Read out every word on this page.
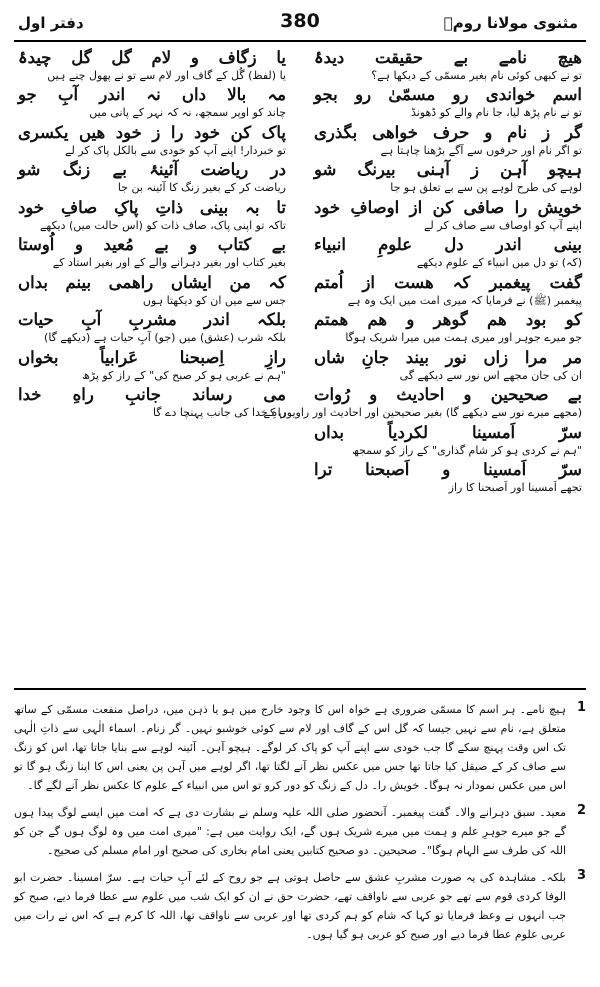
مثنوی مولانا رومؒ
380
دفتر اول
هیچ نامے بے حقیقت دیدۂ
تو نے کبھی کوئی نام بغیر مسمّی کے دیکھا ہے؟
اسم خواندی رو مسمّیٰ رو بجو
تو نے نام پڑھ لیا، جا نام والے کو ڈھونڈ
گر ز نام و حرف خواهی بگذری
تو اگر نام اور حرفوں سے آگے بڑھنا چاہتا ہے
ہیچو آہن ز آہنی بیرنگ شو
لوہے کی طرح لوہے پن سے بے تعلق ہو جا
خویش را صافی کن از اوصافِ خود
اپنے آپ کو اوصاف سے صاف کر لے
بینی اندر دل علومِ انبیاء
(کہ) تو دل میں انبیاء کے علوم دیکھے
گفت پیغمبر کہ هست از اُمتم
پیغمبر (ﷺ) نے فرمایا کہ میری امت میں ایک وہ ہے
کو بود هم گوهر و هم همتم
جو میرے جوہر اور میری ہمت میں میرا شریک ہوگا
مر مرا زاں نور بیند جانِ شاں
ان کی جان مجھے اس نور سے دیکھے گی
بے صحیحین و احادیث و رُوات
(مجھے میرے نور سے دیکھے گا) بغیر صحیحین اور احادیث اور راویوں کے
سرّ اَمسینا لکردیاً بداں
"ہم نے کردی ہو کر شام گذاری" کے راز کو سمجھ
سرّ اَمسینا و اَصبحنا ترا
تجھے اَمسینا اور اَصبحنا کا راز
یا زگاف و لام گل گل چیدۂ
یا (لفظ) گُل کے گاف اور لام سے تو نے پھول چنے ہیں
مہ بالا داں نہ اندر آبِ جو
چاند کو اوپر سمجھ، نہ کہ نہر کے پانی میں
پاک کن خود را ز خود هیں یکسری
تو خبردار! اپنے آپ کو خودی سے بالکل پاک کر لے
در ریاضت آئینۂ بے زنگ شو
ریاضت کر کے بغیر زنگ کا آئینہ بن جا
تا بہ بینی ذاتِ پاکِ صافِ خود
تاکہ تو اپنی پاک، صاف ذات کو (اس حالت میں) دیکھے
بے کتاب و بے مُعید و اُوستا
بغیر کتاب اور بغیر دہرانے والے کے اور بغیر استاد کے
کہ من ایشاں راهمی بینم بداں
جس سے میں ان کو دیکھتا ہوں
بلکہ اندر مشربِ آبِ حیات
بلکہ شرب (عشق) میں (جو) آبِ حیات ہے (دیکھے گا)
رازِ اِصبحنا عَرابیاً بخواں
"ہم نے عربی ہو کر صبح کی" کے راز کو پڑھ
می رساند جانبِ راهِ خدا
راہِ خدا کی جانب پہنچا دے گا
1
ہیچ نامے۔ ہر اسم کا مسمّی ضروری ہے خواہ اس کا وجود خارج میں ہو یا ذہن میں، دراصل منفعت مسمّی کے ساتھ متعلق ہے، نام سے نہیں جیسا کہ گل اس کے گاف اور لام سے کوئی خوشبو نہیں۔ گر زنام۔ اسماء الٰہی سے ذاتِ الٰہی تک اس وقت پہنچ سکے گا جب خودی سے اپنے آپ کو پاک کر لوگے۔ ہیچو آہن۔ آئینہ لوہے سے بنایا جاتا تھا، اس کو زنگ سے صاف کر کے صیقل کیا جاتا تھا جس میں عکس نظر آنے لگتا تھا، اگر لوہے میں آہن پن یعنی اس کا اپنا زنگ ہو گا تو اس میں عکس نمودار نہ ہوگا۔ خویش را۔ دل کے زنگ کو دور کرو تو اس میں انبیاء کے علوم کا عکس نظر آنے لگے گا۔
2
معید۔ سبق دہرانے والا۔ گفت پیغمبر۔ آنحضور صلی اللہ علیہ وسلم نے بشارت دی ہے کہ امت میں ایسے لوگ پیدا ہوں گے جو میرے جوہرِ علم و ہمت میں میرے شریک ہوں گے، ایک روایت میں ہے: "میری امت میں وہ لوگ ہوں گے جن کو اللہ کی طرف سے الہام ہوگا"۔ صحیحین۔ دو صحیح کتابیں یعنی امام بخاری کی صحیح اور امام مسلم کی صحیح۔
3
بلکہ۔ مشاہدہ کی یہ صورت مشربِ عشق سے حاصل ہوتی ہے جو روح کے لئے آبِ حیات ہے۔ سرّ امسینا۔ حضرت ابو الوفا کردی قوم سے تھے جو عربی سے ناواقف تھے، حضرت حق نے ان کو ایک شب میں علوم سے عطا فرما دیے، صبح کو جب انہوں نے وعظ فرمایا تو کہا کہ شام کو ہم کردی تھا اور عربی سے ناواقف تھا، اللہ کا کرم ہے کہ اس نے رات میں عربی علوم عطا فرما دیے اور صبح کو عربی ہو گیا ہوں۔
